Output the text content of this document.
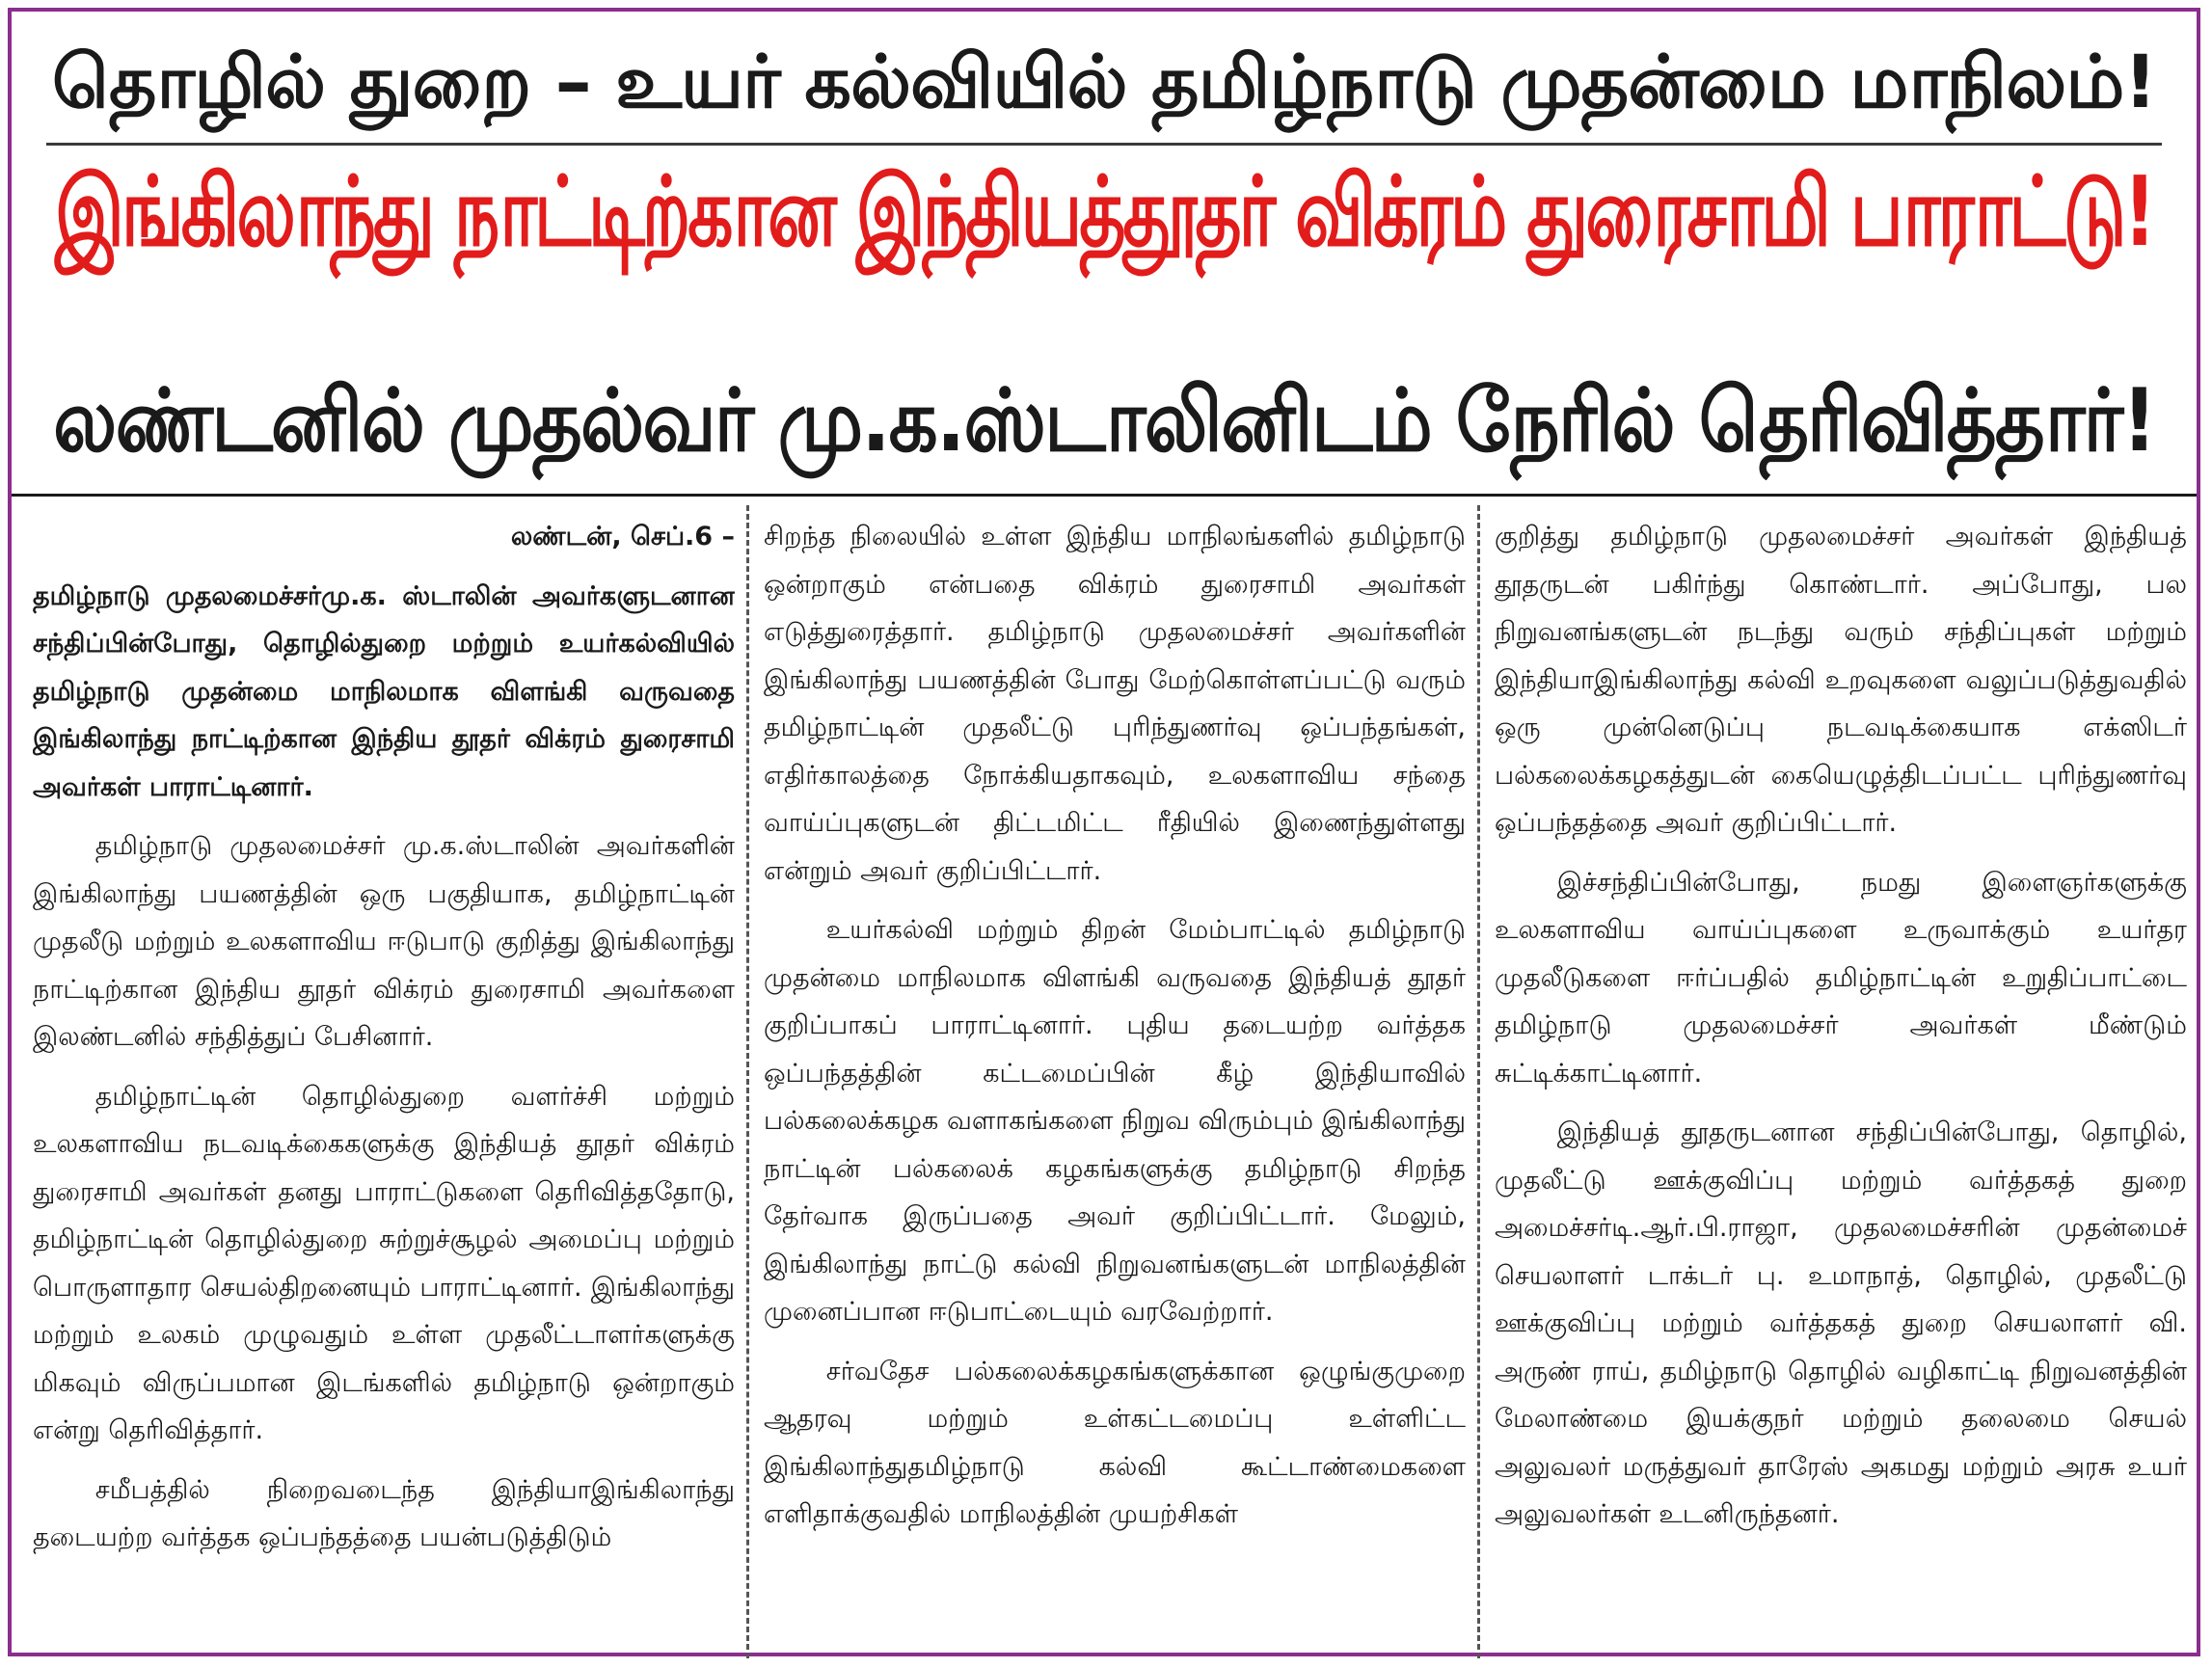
தொழில் துறை – உயர் கல்வியில் தமிழ்நாடு முதன்மை மாநிலம்!
இங்கிலாந்து நாட்டிற்கான இந்தியத்தூதர் விக்ரம் துரைசாமி பாராட்டு!
லண்டனில் முதல்வர் மு.க.ஸ்டாலினிடம் நேரில் தெரிவித்தார்!

லண்டன், செப்.6 –

தமிழ்நாடு முதலமைச்சர்மு.க. ஸ்டாலின் அவர்களுடனான சந்திப்பின்போது, தொழில்துறை மற்றும் உயர்கல்வியில் தமிழ்நாடு முதன்மை மாநிலமாக விளங்கி வருவதை இங்கிலாந்து நாட்டிற்கான இந்திய தூதர் விக்ரம் துரைசாமி அவர்கள் பாராட்டினார்.

தமிழ்நாடு முதலமைச்சர் மு.க.ஸ்டாலின் அவர்களின் இங்கிலாந்து பயணத்தின் ஒரு பகுதியாக, தமிழ்நாட்டின் முதலீடு மற்றும் உலகளாவிய ஈடுபாடு குறித்து இங்கிலாந்து நாட்டிற்கான இந்திய தூதர் விக்ரம் துரைசாமி அவர்களை இலண்டனில் சந்தித்துப் பேசினார்.

தமிழ்நாட்டின் தொழில்துறை வளர்ச்சி மற்றும் உலகளாவிய நடவடிக்கைகளுக்கு இந்தியத் தூதர் விக்ரம் துரைசாமி அவர்கள் தனது பாராட்டுகளை தெரிவித்ததோடு, தமிழ்நாட்டின் தொழில்துறை சுற்றுச்சூழல் அமைப்பு மற்றும் பொருளாதார செயல்திறனையும் பாராட்டினார். இங்கிலாந்து மற்றும் உலகம் முழுவதும் உள்ள முதலீட்டாளர்களுக்கு மிகவும் விருப்பமான இடங்களில் தமிழ்நாடு ஒன்றாகும் என்று தெரிவித்தார்.

சமீபத்தில் நிறைவடைந்த இந்தியாஇங்கிலாந்து தடையற்ற வர்த்தக ஒப்பந்தத்தை பயன்படுத்திடும்

சிறந்த நிலையில் உள்ள இந்திய மாநிலங்களில் தமிழ்நாடு ஒன்றாகும் என்பதை விக்ரம் துரைசாமி அவர்கள் எடுத்துரைத்தார். தமிழ்நாடு முதலமைச்சர் அவர்களின் இங்கிலாந்து பயணத்தின் போது மேற்கொள்ளப்பட்டு வரும் தமிழ்நாட்டின் முதலீட்டு புரிந்துணர்வு ஒப்பந்தங்கள், எதிர்காலத்தை நோக்கியதாகவும், உலகளாவிய சந்தை வாய்ப்புகளுடன் திட்டமிட்ட ரீதியில் இணைந்துள்ளது என்றும் அவர் குறிப்பிட்டார்.

உயர்கல்வி மற்றும் திறன் மேம்பாட்டில் தமிழ்நாடு முதன்மை மாநிலமாக விளங்கி வருவதை இந்தியத் தூதர் குறிப்பாகப் பாராட்டினார். புதிய தடையற்ற வர்த்தக ஒப்பந்தத்தின் கட்டமைப்பின் கீழ் இந்தியாவில் பல்கலைக்கழக வளாகங்களை நிறுவ விரும்பும் இங்கிலாந்து நாட்டின் பல்கலைக் கழகங்களுக்கு தமிழ்நாடு சிறந்த தேர்வாக இருப்பதை அவர் குறிப்பிட்டார். மேலும், இங்கிலாந்து நாட்டு கல்வி நிறுவனங்களுடன் மாநிலத்தின் முனைப்பான ஈடுபாட்டையும் வரவேற்றார்.

சர்வதேச பல்கலைக்கழகங்களுக்கான ஒழுங்குமுறை ஆதரவு மற்றும் உள்கட்டமைப்பு உள்ளிட்ட இங்கிலாந்துதமிழ்நாடு கல்வி கூட்டாண்மைகளை எளிதாக்குவதில் மாநிலத்தின் முயற்சிகள்

குறித்து தமிழ்நாடு முதலமைச்சர் அவர்கள் இந்தியத் தூதருடன் பகிர்ந்து கொண்டார். அப்போது, பல நிறுவனங்களுடன் நடந்து வரும் சந்திப்புகள் மற்றும் இந்தியாஇங்கிலாந்து கல்வி உறவுகளை வலுப்படுத்துவதில் ஒரு முன்னெடுப்பு நடவடிக்கையாக எக்ஸிடர் பல்கலைக்கழகத்துடன் கையெழுத்திடப்பட்ட புரிந்துணர்வு ஒப்பந்தத்தை அவர் குறிப்பிட்டார்.

இச்சந்திப்பின்போது, நமது இளைஞர்களுக்கு உலகளாவிய வாய்ப்புகளை உருவாக்கும் உயர்தர முதலீடுகளை ஈர்ப்பதில் தமிழ்நாட்டின் உறுதிப்பாட்டை தமிழ்நாடு முதலமைச்சர் அவர்கள் மீண்டும் சுட்டிக்காட்டினார்.

இந்தியத் தூதருடனான சந்திப்பின்போது, தொழில், முதலீட்டு ஊக்குவிப்பு மற்றும் வர்த்தகத் துறை அமைச்சர்டி.ஆர்.பி.ராஜா, முதலமைச்சரின் முதன்மைச் செயலாளர் டாக்டர் பு. உமாநாத், தொழில், முதலீட்டு ஊக்குவிப்பு மற்றும் வர்த்தகத் துறை செயலாளர் வி. அருண் ராய், தமிழ்நாடு தொழில் வழிகாட்டி நிறுவனத்தின் மேலாண்மை இயக்குநர் மற்றும் தலைமை செயல் அலுவலர் மருத்துவர் தாரேஸ் அகமது மற்றும் அரசு உயர் அலுவலர்கள் உடனிருந்தனர்.
